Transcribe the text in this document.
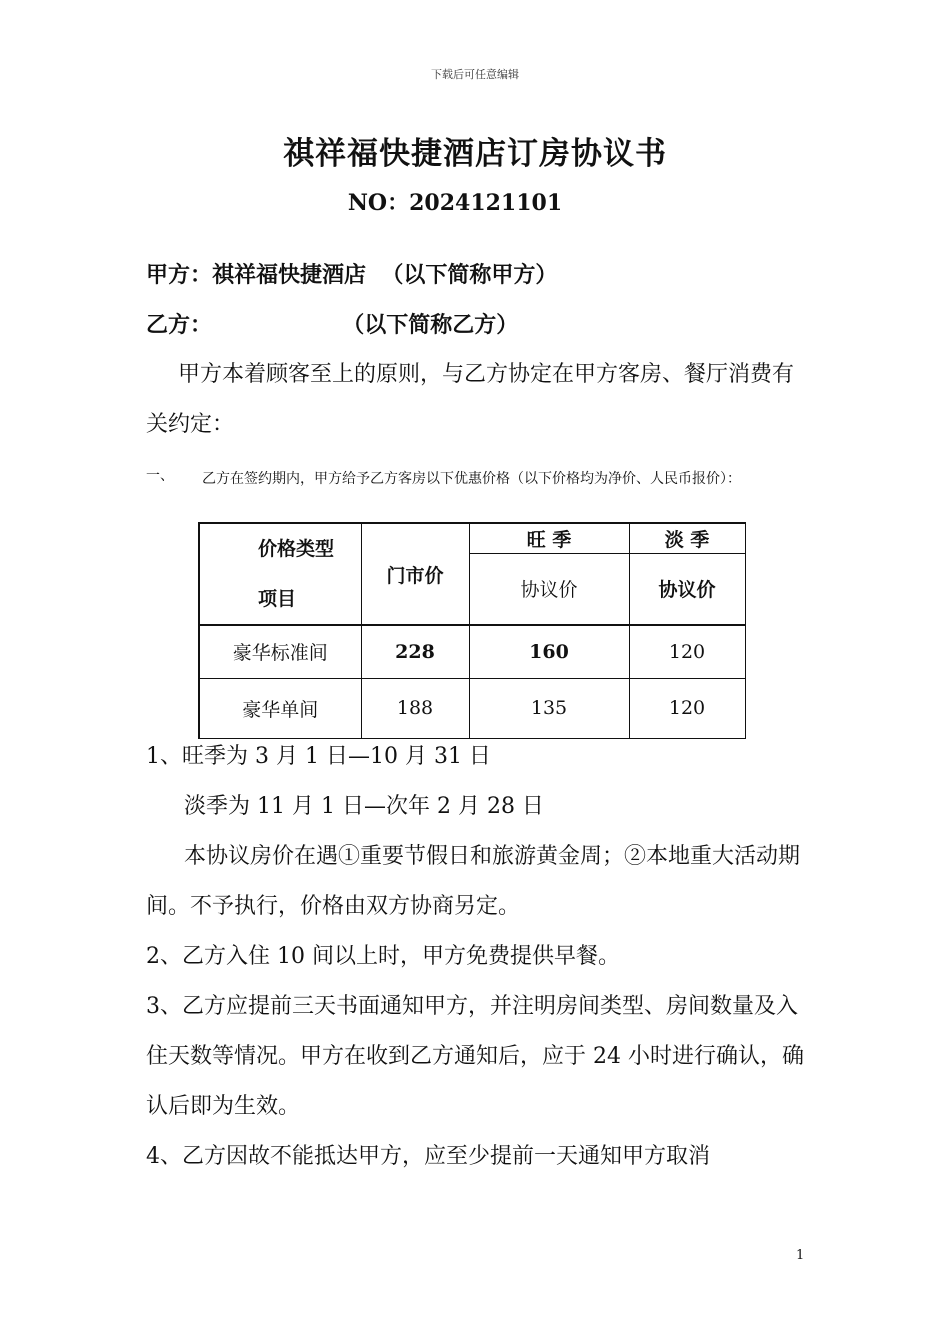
下载后可任意编辑
祺祥福快捷酒店订房协议书
NO：2024121101
甲方：祺祥福快捷酒店  （以下简称甲方）
乙方：                 （以下简称乙方）
甲方本着顾客至上的原则，与乙方协定在甲方客房、餐厅消费有关约定：
一、 乙方在签约期内，甲方给予乙方客房以下优惠价格（以下价格均为净价、人民币报价）：
价格类型
项目	门市价	旺 季	淡 季
		协议价	协议价
豪华标准间	228	160	120
豪华单间	188	135	120
1、旺季为 3 月 1 日—10 月 31 日
淡季为 11 月 1 日—次年 2 月 28 日
本协议房价在遇①重要节假日和旅游黄金周；②本地重大活动期间。不予执行，价格由双方协商另定。
2、乙方入住 10 间以上时，甲方免费提供早餐。
3、乙方应提前三天书面通知甲方，并注明房间类型、房间数量及入住天数等情况。甲方在收到乙方通知后，应于 24 小时进行确认，确认后即为生效。
4、乙方因故不能抵达甲方，应至少提前一天通知甲方取消
1
